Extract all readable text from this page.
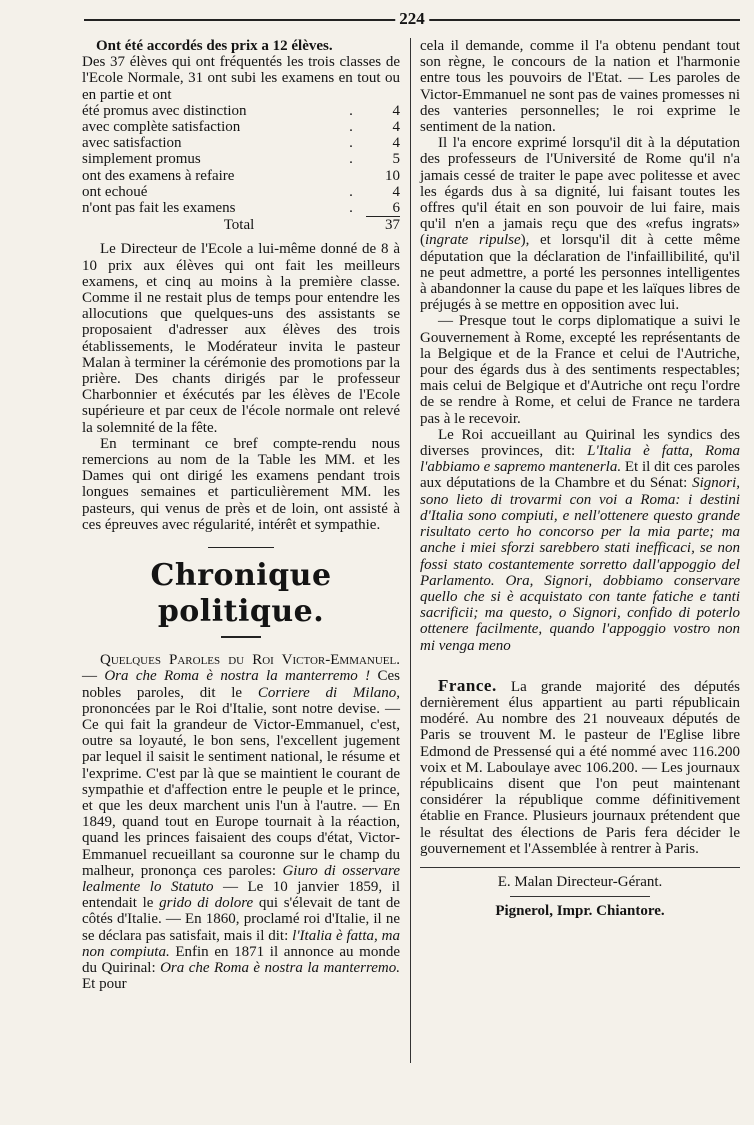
224

Ont été accordés des prix a 12 élèves.

Des 37 élèves qui ont fréquentés les trois classes de l'Ecole Normale, 31 ont subi les examens en tout ou en partie et ont

été promus avec distinction	.	4
avec complète satisfaction	.	4
avec satisfaction	.	4
simplement promus	.	5
ont des examens à refaire		10
ont echoué	.	4
n'ont pas fait les examens	.	6
Total		37

Le Directeur de l'Ecole a lui-même donné de 8 à 10 prix aux élèves qui ont fait les meilleurs examens, et cinq au moins à la première classe. Comme il ne restait plus de temps pour entendre les allocutions que quelques-uns des assistants se proposaient d'adresser aux élèves des trois établissements, le Modérateur invita le pasteur Malan à terminer la cérémonie des promotions par la prière. Des chants dirigés par le professeur Charbonnier et éxécutés par les élèves de l'Ecole supérieure et par ceux de l'école normale ont relevé la solemnité de la fête.

En terminant ce bref compte-rendu nous remercions au nom de la Table les MM. et les Dames qui ont dirigé les examens pendant trois longues semaines et particulièrement MM. les pasteurs, qui venus de près et de loin, ont assisté à ces épreuves avec régularité, intérêt et sympathie.

Chronique politique.

Quelques Paroles du Roi Victor-Emmanuel. — Ora che Roma è nostra la manterremo ! Ces nobles paroles, dit le Corriere di Milano, prononcées par le Roi d'Italie, sont notre devise. — Ce qui fait la grandeur de Victor-Emmanuel, c'est, outre sa loyauté, le bon sens, l'excellent jugement par lequel il saisit le sentiment national, le résume et l'exprime. C'est par là que se maintient le courant de sympathie et d'affection entre le peuple et le prince, et que les deux marchent unis l'un à l'autre. — En 1849, quand tout en Europe tournait à la réaction, quand les princes faisaient des coups d'état, Victor-Emmanuel recueillant sa couronne sur le champ du malheur, prononça ces paroles: Giuro di osservare lealmente lo Statuto — Le 10 janvier 1859, il entendait le grido di dolore qui s'élevait de tant de côtés d'Italie. — En 1860, proclamé roi d'Italie, il ne se déclara pas satisfait, mais il dit: l'Italia è fatta, ma non compiuta. Enfin en 1871 il annonce au monde du Quirinal: Ora che Roma è nostra la manterremo. Et pour

cela il demande, comme il l'a obtenu pendant tout son règne, le concours de la nation et l'harmonie entre tous les pouvoirs de l'Etat. — Les paroles de Victor-Emmanuel ne sont pas de vaines promesses ni des vanteries personnelles; le roi exprime le sentiment de la nation.

Il l'a encore exprimé lorsqu'il dit à la députation des professeurs de l'Université de Rome qu'il n'a jamais cessé de traiter le pape avec politesse et avec les égards dus à sa dignité, lui faisant toutes les offres qu'il était en son pouvoir de lui faire, mais qu'il n'en a jamais reçu que des «refus ingrats» (ingrate ripulse), et lorsqu'il dit à cette même députation que la déclaration de l'infaillibilité, qu'il ne peut admettre, a porté les personnes intelligentes à abandonner la cause du pape et les laïques libres de préjugés à se mettre en opposition avec lui.

— Presque tout le corps diplomatique a suivi le Gouvernement à Rome, excepté les représentants de la Belgique et de la France et celui de l'Autriche, pour des égards dus à des sentiments respectables; mais celui de Belgique et d'Autriche ont reçu l'ordre de se rendre à Rome, et celui de France ne tardera pas à le recevoir.

Le Roi accueillant au Quirinal les syndics des diverses provinces, dit: L'Italia è fatta, Roma l'abbiamo e sapremo mantenerla. Et il dit ces paroles aux députations de la Chambre et du Sénat: Signori, sono lieto di trovarmi con voi a Roma: i destini d'Italia sono compiuti, e nell'ottenere questo grande risultato certo ho concorso per la mia parte; ma anche i miei sforzi sarebbero stati inefficaci, se non fossi stato costantemente sorretto dall'appoggio del Parlamento. Ora, Signori, dobbiamo conservare quello che si è acquistato con tante fatiche e tanti sacrificii; ma questo, o Signori, confido di poterlo ottenere facilmente, quando l'appoggio vostro non mi venga meno

France. La grande majorité des députés dernièrement élus appartient au parti républicain modéré. Au nombre des 21 nouveaux députés de Paris se trouvent M. le pasteur de l'Eglise libre Edmond de Pressensé qui a été nommé avec 116.200 voix et M. Laboulaye avec 106.200. — Les journaux républicains disent que l'on peut maintenant considérer la république comme définitivement établie en France. Plusieurs journaux prétendent que le résultat des élections de Paris fera décider le gouvernement et l'Assemblée à rentrer à Paris.

E. Malan Directeur-Gérant.

Pignerol, Impr. Chiantore.
